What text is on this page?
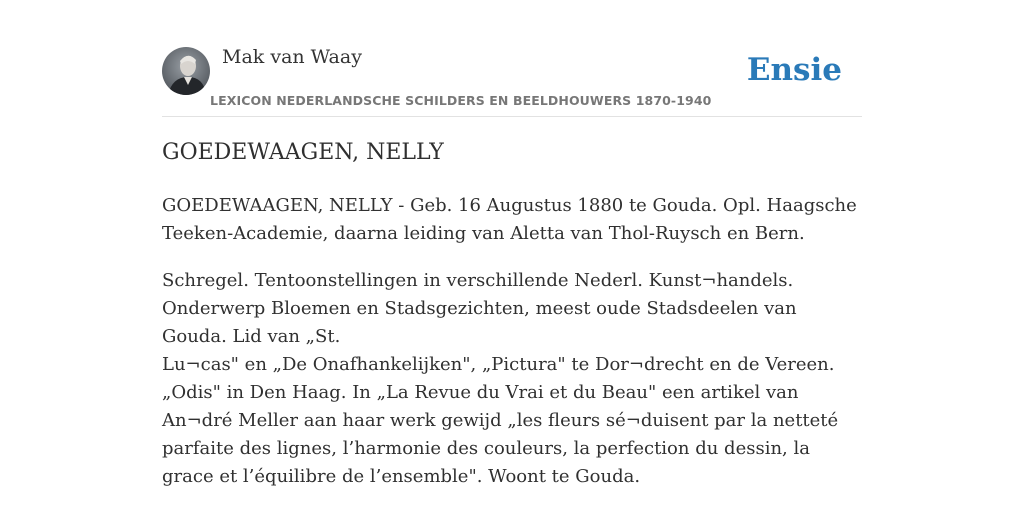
Mak van Waay
LEXICON NEDERLANDSCHE SCHILDERS EN BEELDHOUWERS 1870-1940
Ensie
GOEDEWAAGEN, NELLY

GOEDEWAAGEN, NELLY - Geb. 16 Augustus 1880 te Gouda. Opl. Haagsche Teeken-Academie, daarna leiding van Aletta van Thol-Ruysch en Bern.

Schregel. Tentoonstellingen in verschillende Nederl. Kunst¬handels. Onderwerp Bloemen en Stadsgezichten, meest oude Stadsdeelen van Gouda. Lid van „St.

Lu¬cas" en „De Onafhankelijken", „Pictura" te Dor¬drecht en de Vereen. „Odis" in Den Haag. In „La Revue du Vrai et du Beau" een artikel van An¬dré Meller aan haar werk gewijd „les fleurs sé¬duisent par la netteté parfaite des lignes, l’harmonie des couleurs, la perfection du dessin, la grace et l’équilibre de l’ensemble". Woont te Gouda.
